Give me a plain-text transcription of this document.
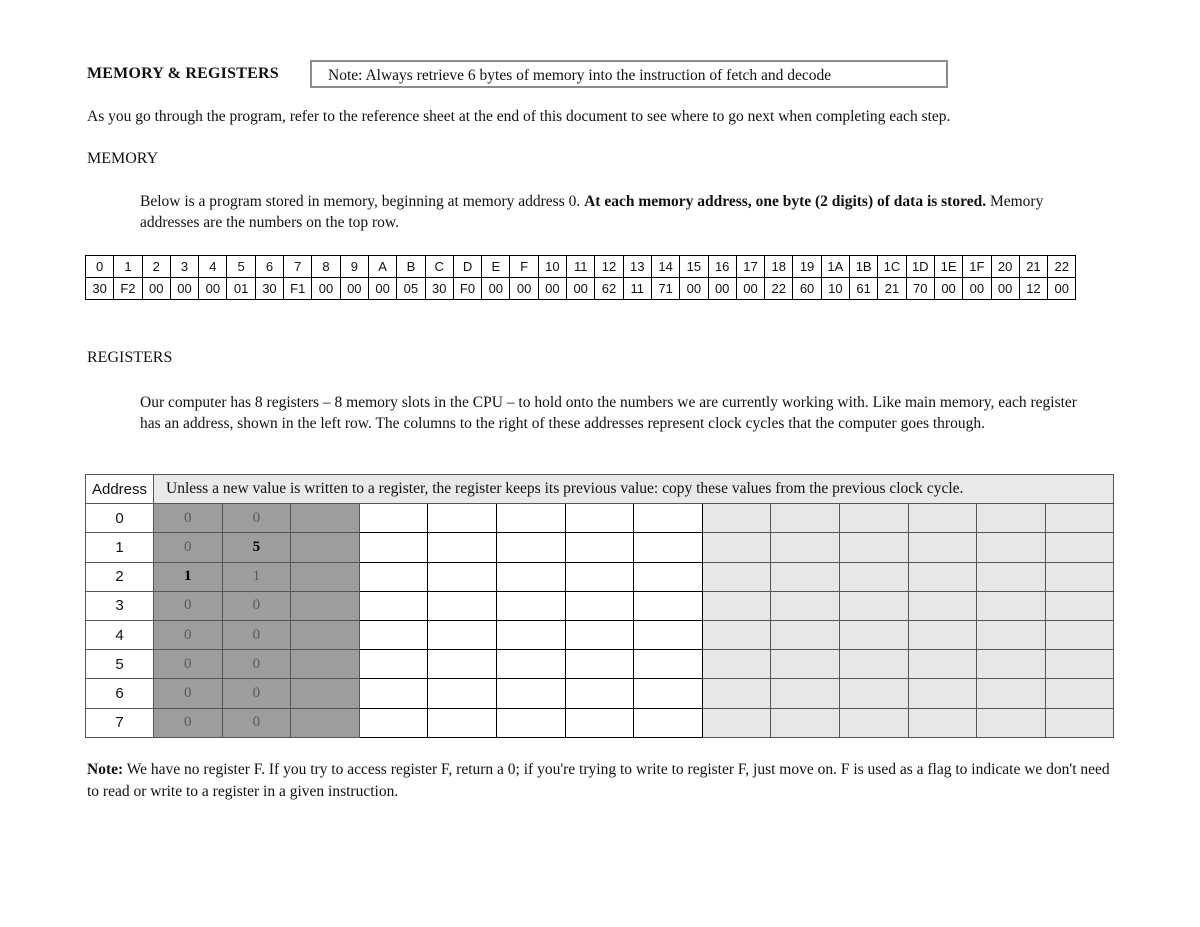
MEMORY & REGISTERS	Note: Always retrieve 6 bytes of memory into the instruction of fetch and decode
As you go through the program, refer to the reference sheet at the end of this document to see where to go next when completing each step.
MEMORY
Below is a program stored in memory, beginning at memory address 0. At each memory address, one byte (2 digits) of data is stored. Memory addresses are the numbers on the top row.
0	1	2	3	4	5	6	7	8	9	A	B	C	D	E	F	10	11	12	13	14	15	16	17	18	19	1A	1B	1C	1D	1E	1F	20	21	22
30	F2	00	00	00	01	30	F1	00	00	00	05	30	F0	00	00	00	00	62	11	71	00	00	00	22	60	10	61	21	70	00	00	00	12	00
REGISTERS
Our computer has 8 registers – 8 memory slots in the CPU – to hold onto the numbers we are currently working with. Like main memory, each register has an address, shown in the left row. The columns to the right of these addresses represent clock cycles that the computer goes through.
Address	Unless a new value is written to a register, the register keeps its previous value: copy these values from the previous clock cycle.													
0	0	0												
1	0	5												
2	1	1												
3	0	0												
4	0	0												
5	0	0												
6	0	0												
7	0	0												
Note: We have no register F. If you try to access register F, return a 0; if you're trying to write to register F, just move on. F is used as a flag to indicate we don't need to read or write to a register in a given instruction.
